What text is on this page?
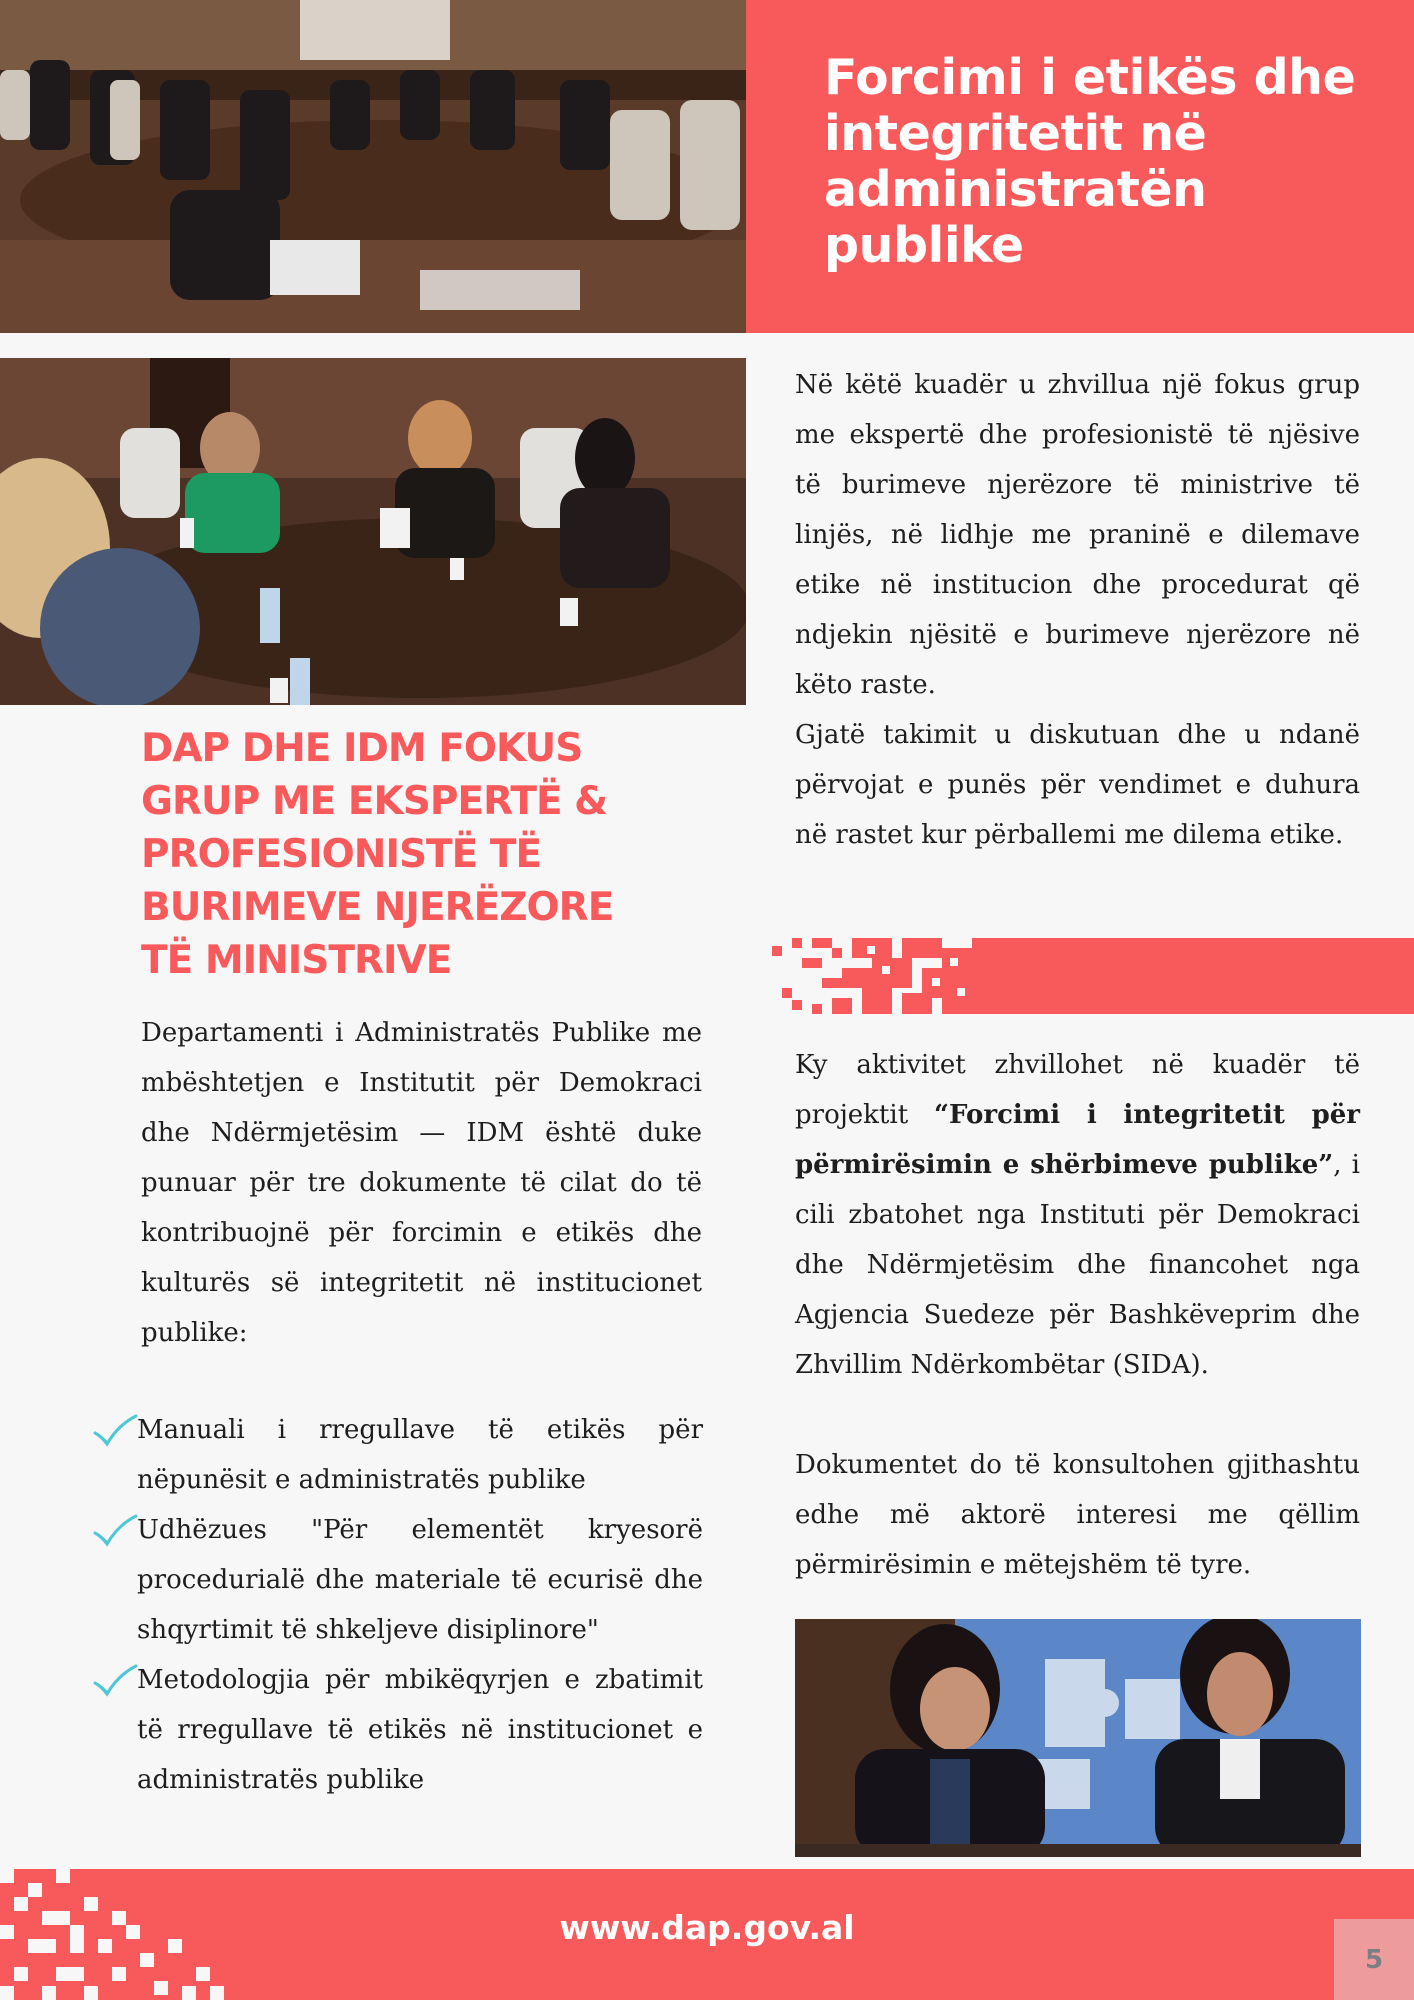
Forcimi i etikës dhe integritetit në administratën publike
DAP DHE IDM FOKUS GRUP ME EKSPERTË & PROFESIONISTË TË BURIMEVE NJERËZORE TË MINISTRIVE

Departamenti i Administratës Publike me mbështetjen e Institutit për Demokraci dhe Ndërmjetësim — IDM është duke punuar për tre dokumente të cilat do të kontribuojnë për forcimin e etikës dhe kulturës së integritetit në institucionet publike:

Manuali i rregullave të etikës për nëpunësit e administratës publike

Udhëzues "Për elementët kryesorë procedurialë dhe materiale të ecurisë dhe shqyrtimit të shkeljeve disiplinore"

Metodologjia për mbikëqyrjen e zbatimit të rregullave të etikës në institucionet e administratës publike

Në këtë kuadër u zhvillua një fokus grup me ekspertë dhe profesionistë të njësive të burimeve njerëzore të ministrive të linjës, në lidhje me praninë e dilemave etike në institucion dhe procedurat që ndjekin njësitë e burimeve njerëzore në këto raste.
Gjatë takimit u diskutuan dhe u ndanë përvojat e punës për vendimet e duhura në rastet kur përballemi me dilema etike.

Ky aktivitet zhvillohet në kuadër të projektit “Forcimi i integritetit për përmirësimin e shërbimeve publike”, i cili zbatohet nga Instituti për Demokraci dhe Ndërmjetësim dhe financohet nga Agjencia Suedeze për Bashkëveprim dhe Zhvillim Ndërkombëtar (SIDA).

Dokumentet do të konsultohen gjithashtu edhe më aktorë interesi me qëllim përmirësimin e mëtejshëm të tyre.

www.dap.gov.al

5
